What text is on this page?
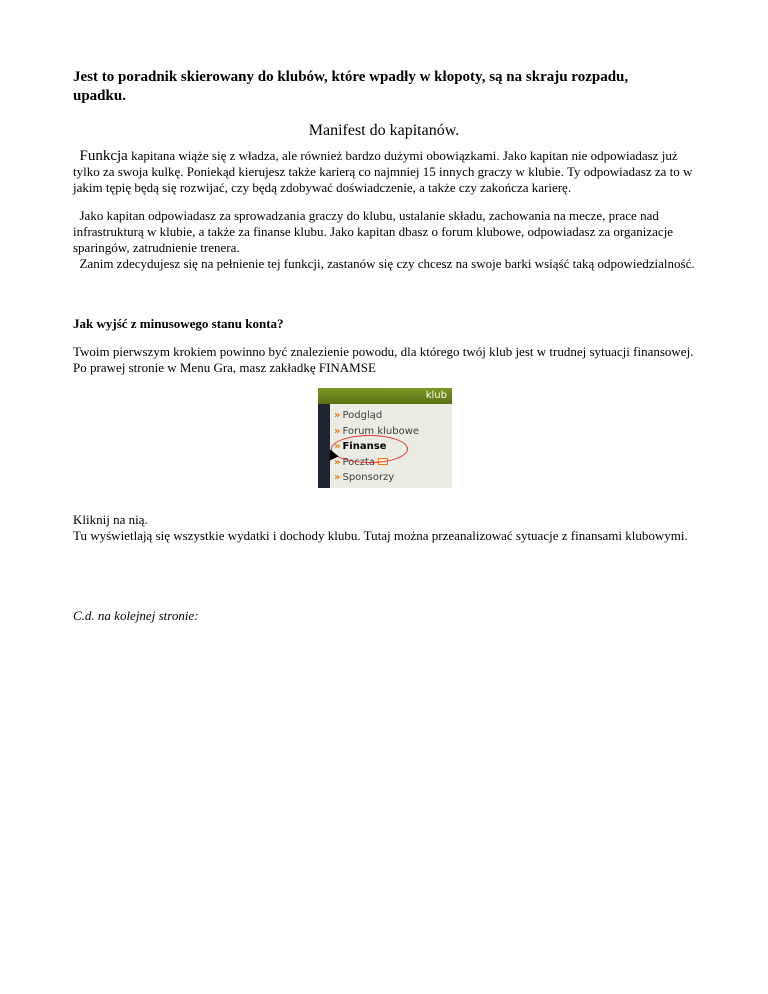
Jest to poradnik skierowany do klubów, które wpadły w kłopoty, są na skraju rozpadu, upadku.
Manifest do kapitanów.
Funkcja kapitana wiąże się z władza, ale również bardzo dużymi obowiązkami. Jako kapitan nie odpowiadasz już tylko za swoja kulkę. Poniekąd kierujesz także karierą co najmniej 15 innych graczy w klubie. Ty odpowiadasz za to w jakim tępię będą się rozwijać, czy będą zdobywać doświadczenie, a także czy zakończa karierę.
Jako kapitan odpowiadasz za sprowadzania graczy do klubu, ustalanie składu, zachowania na mecze, prace nad infrastrukturą w klubie, a także za finanse klubu. Jako kapitan dbasz o forum klubowe, odpowiadasz za organizacje sparingów, zatrudnienie trenera.
Zanim zdecydujesz się na pełnienie tej funkcji, zastanów się czy chcesz na swoje barki wsiąść taką odpowiedzialność.
Jak wyjść z minusowego stanu konta?
Twoim pierwszym krokiem powinno być znalezienie powodu, dla którego twój klub jest w trudnej sytuacji finansowej. Po prawej stronie w Menu Gra, masz zakładkę FINAMSE
klub
» Podgląd
» Forum klubowe
» Finanse
» Poczta
» Sponsorzy
Kliknij na nią.
Tu wyświetlają się wszystkie wydatki i dochody klubu. Tutaj można przeanalizować sytuacje z finansami klubowymi.
C.d. na kolejnej stronie:
